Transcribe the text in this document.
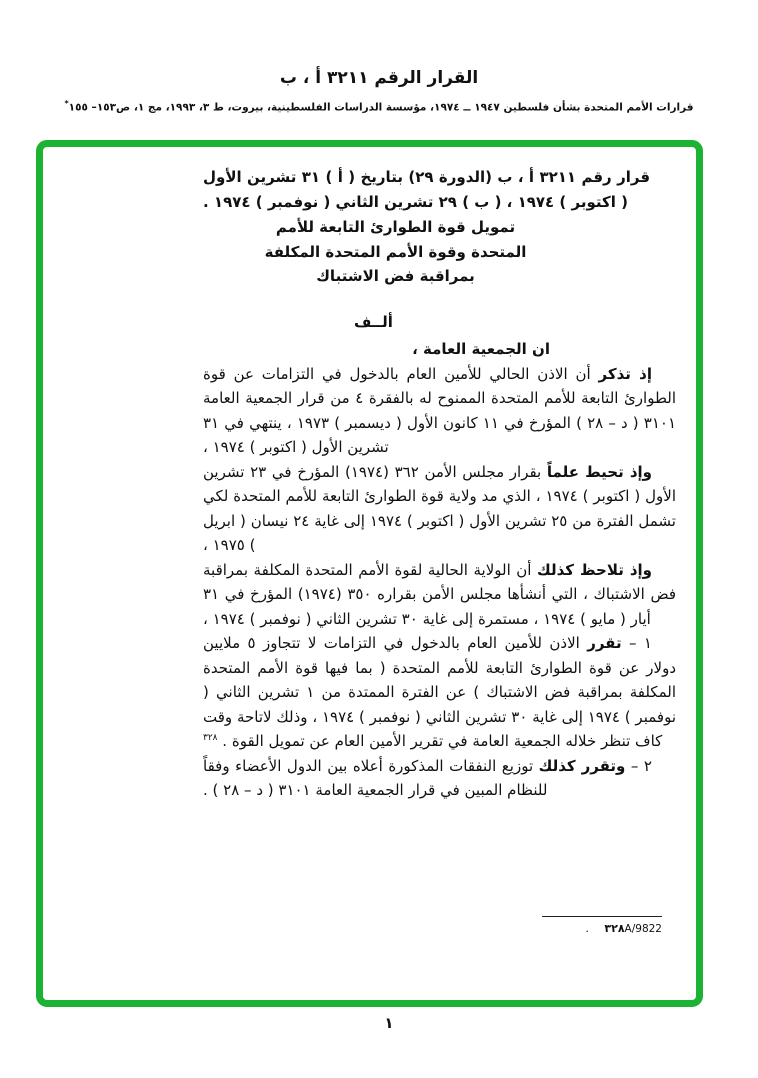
القرار الرقم ٣٢١١ أ ، ب
قرارات الأمم المتحدة بشأن فلسطين ١٩٤٧ ــ ١٩٧٤، مؤسسة الدراسات الفلسطينية، بيروت، ط ٣، ١٩٩٣، مج ١، ص١٥٣– ١٥٥*

قرار رقم ٣٢١١ أ ، ب (الدورة ٢٩) بتاريخ ( أ ) ٣١ تشرين الأول ( اكتوبر ) ١٩٧٤ ، ( ب ) ٢٩ تشرين الثاني ( نوفمبر ) ١٩٧٤ .

تمويل قوة الطوارئ التابعة للأمم
المتحدة وقوة الأمم المتحدة المكلفة
بمراقبة فض الاشتباك
ألــف

ان الجمعية العامة ،

إذ تذكر أن الاذن الحالي للأمين العام بالدخول في التزامات عن قوة الطوارئ التابعة للأمم المتحدة الممنوح له بالفقرة ٤ من قرار الجمعية العامة ٣١٠١ ( د – ٢٨ ) المؤرخ في ١١ كانون الأول ( ديسمبر ) ١٩٧٣ ، ينتهي في ٣١ تشرين الأول ( اكتوبر ) ١٩٧٤ ،

وإذ تحيط علماً بقرار مجلس الأمن ٣٦٢ (١٩٧٤) المؤرخ في ٢٣ تشرين الأول ( اكتوبر ) ١٩٧٤ ، الذي مد ولاية قوة الطوارئ التابعة للأمم المتحدة لكي تشمل الفترة من ٢٥ تشرين الأول ( اكتوبر ) ١٩٧٤ إلى غاية ٢٤ نيسان ( ابريل ) ١٩٧٥ ،

وإذ تلاحظ كذلك أن الولاية الحالية لقوة الأمم المتحدة المكلفة بمراقبة فض الاشتباك ، التي أنشأها مجلس الأمن بقراره ٣٥٠ (١٩٧٤) المؤرخ في ٣١ أيار ( مايو ) ١٩٧٤ ، مستمرة إلى غاية ٣٠ تشرين الثاني ( نوفمبر ) ١٩٧٤ ،

١ – تقرر الاذن للأمين العام بالدخول في التزامات لا تتجاوز ٥ ملايين دولار عن قوة الطوارئ التابعة للأمم المتحدة ( بما فيها قوة الأمم المتحدة المكلفة بمراقبة فض الاشتباك ) عن الفترة الممتدة من ١ تشرين الثاني ( نوفمبر ) ١٩٧٤ إلى غاية ٣٠ تشرين الثاني ( نوفمبر ) ١٩٧٤ ، وذلك لاتاحة وقت كاف تنظر خلاله الجمعية العامة في تقرير الأمين العام عن تمويل القوة . $^{٣٢٨}$

٢ – وتقرر كذلك توزيع النفقات المذكورة أعلاه بين الدول الأعضاء وفقاً للنظام المبين في قرار الجمعية العامة ٣١٠١ ( د – ٢٨ ) .

٣٢٨A/9822 .
١
